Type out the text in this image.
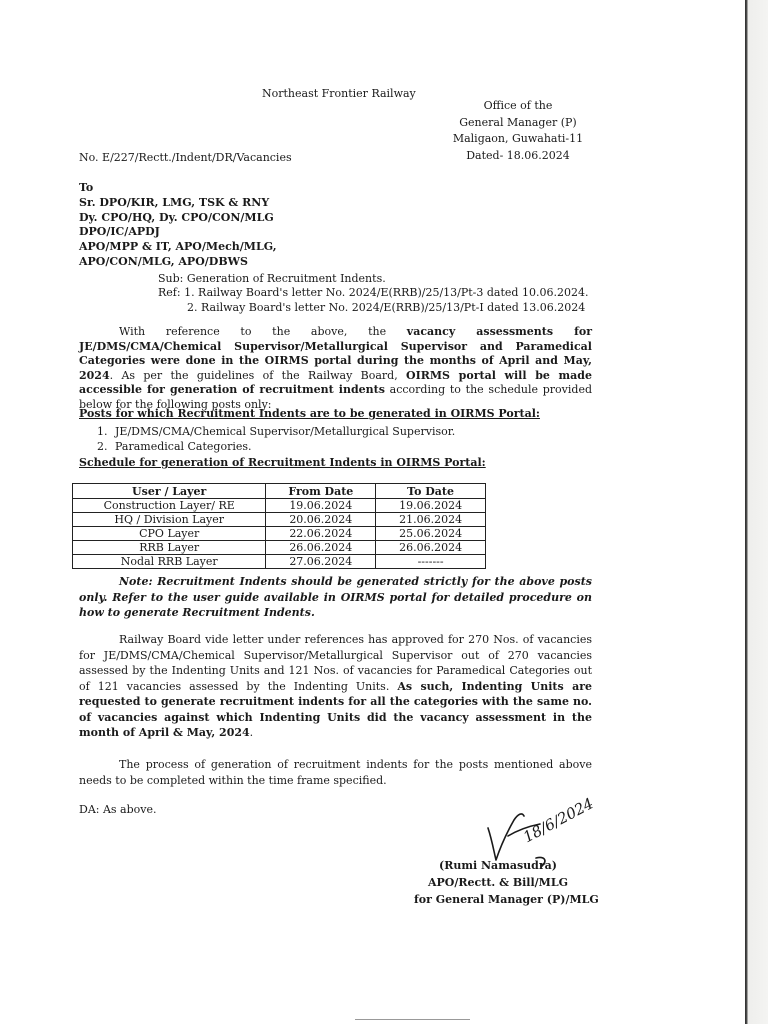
Northeast Frontier Railway
Office of the
General Manager (P)
Maligaon, Guwahati-11
Dated- 18.06.2024
No. E/227/Rectt./Indent/DR/Vacancies
To
Sr. DPO/KIR, LMG, TSK & RNY
Dy. CPO/HQ, Dy. CPO/CON/MLG
DPO/IC/APDJ
APO/MPP & IT, APO/Mech/MLG,
APO/CON/MLG, APO/DBWS
Sub: Generation of Recruitment Indents.
Ref: 1. Railway Board's letter No. 2024/E(RRB)/25/13/Pt-3 dated 10.06.2024.
2. Railway Board's letter No. 2024/E(RRB)/25/13/Pt-I dated 13.06.2024
With reference to the above, the vacancy assessments for JE/DMS/CMA/Chemical Supervisor/Metallurgical Supervisor and Paramedical Categories were done in the OIRMS portal during the months of April and May, 2024. As per the guidelines of the Railway Board, OIRMS portal will be made accessible for generation of recruitment indents according to the schedule provided below for the following posts only:
Posts for which Recruitment Indents are to be generated in OIRMS Portal:
1. JE/DMS/CMA/Chemical Supervisor/Metallurgical Supervisor.
2. Paramedical Categories.
Schedule for generation of Recruitment Indents in OIRMS Portal:
User / Layer	From Date	To Date
Construction Layer/ RE	19.06.2024	19.06.2024
HQ / Division Layer	20.06.2024	21.06.2024
CPO Layer	22.06.2024	25.06.2024
RRB Layer	26.06.2024	26.06.2024
Nodal RRB Layer	27.06.2024	-------
Note: Recruitment Indents should be generated strictly for the above posts only. Refer to the user guide available in OIRMS portal for detailed procedure on how to generate Recruitment Indents.
Railway Board vide letter under references has approved for 270 Nos. of vacancies for JE/DMS/CMA/Chemical Supervisor/Metallurgical Supervisor out of 270 vacancies assessed by the Indenting Units and 121 Nos. of vacancies for Paramedical Categories out of 121 vacancies assessed by the Indenting Units. As such, Indenting Units are requested to generate recruitment indents for all the categories with the same no. of vacancies against which Indenting Units did the vacancy assessment in the month of April & May, 2024.
The process of generation of recruitment indents for the posts mentioned above needs to be completed within the time frame specified.
DA: As above.	18/6/2024
(Rumi Namasudra)
APO/Rectt. & Bill/MLG
for General Manager (P)/MLG
